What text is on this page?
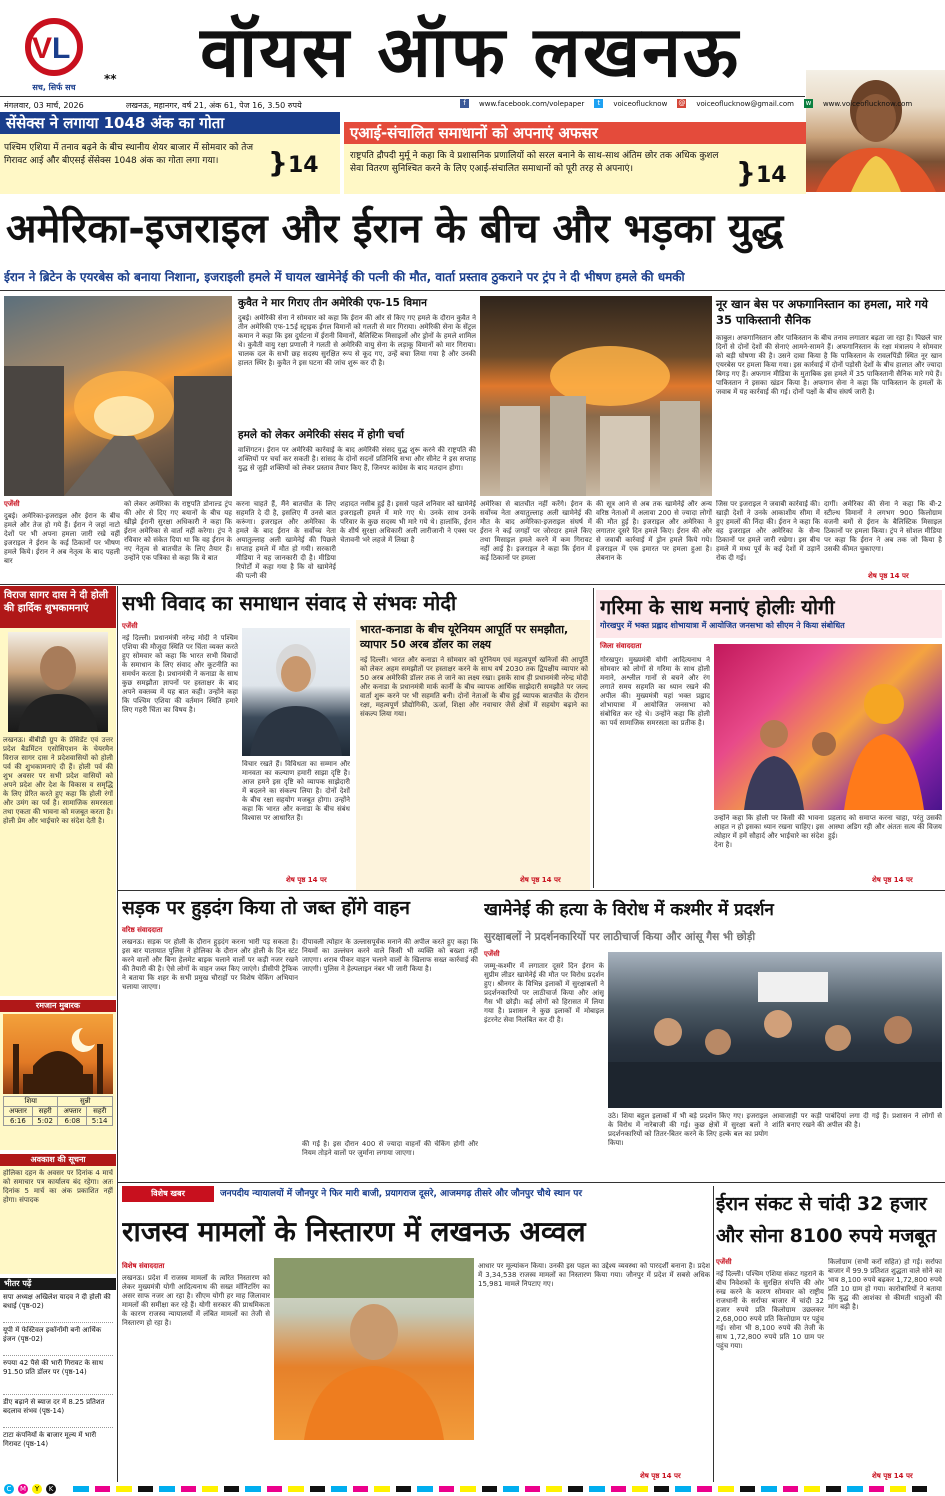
V L
सच, सिर्फ सच
**	वॉयस ऑफ लखनऊ
मंगलवार, 03 मार्च, 2026	लखनऊ, महानगर, वर्ष 21, अंक 61, पेज 16, 3.50 रुपये	f	www.facebook.com/volepaper	t	voiceoflucknow @ voiceoflucknow@gmail.com w www.voiceoflucknow.com
सेंसेक्स ने लगाया 1048 अंक का गोता
पश्चिम एशिया में तनाव बढ़ने के बीच स्थानीय शेयर बाजार में सोमवार को तेज गिरावट आई और बीएसई सेंसेक्स 1048 अंक का गोता लगा गया।	}14
एआई-संचालित समाधानों को अपनाएं अफसर
राष्ट्रपति द्रौपदी मुर्मू ने कहा कि वे प्रशासनिक प्रणालियों को सरल बनाने के साथ-साथ अंतिम छोर तक अधिक कुशल सेवा वितरण सुनिश्चित करने के लिए एआई-संचालित समाधानों को पूरी तरह से अपनाएं।	}14
अमेरिका-इजराइल और ईरान के बीच और भड़का युद्ध
ईरान ने ब्रिटेन के एयरबेस को बनाया निशाना, इजराइली हमले में घायल खामेनेई की पत्नी की मौत, वार्ता प्रस्ताव ठुकराने पर ट्रंप ने दी भीषण हमले की धमकी
कुवैत ने मार गिराए तीन अमेरिकी एफ-15 विमान
दुबई। अमेरिकी सेना ने सोमवार को कहा कि ईरान की ओर से किए गए हमले के दौरान कुवैत ने तीन अमेरिकी एफ-15ई स्ट्राइक ईगल विमानों को गलती से मार गिराया। अमेरिकी सेना के सेंट्रल कमान ने कहा कि इस दुर्घटना में ईरानी विमानों, बैलिस्टिक मिसाइलों और ड्रोनों के हमले शामिल थे। कुवैती वायु रक्षा प्रणाली ने गलती से अमेरिकी वायु सेना के लड़ाकू विमानों को मार गिराया। चालक दल के सभी छह सदस्य सुरक्षित रूप से कूद गए, उन्हें बचा लिया गया है और उनकी हालत स्थिर है। कुवैत ने इस घटना की जांच शुरू कर दी है।
हमले को लेकर अमेरिकी संसद में होगी चर्चा
वाशिंगटन। ईरान पर अमेरिकी कार्रवाई के बाद अमेरिकी संसद युद्ध शुरू करने की राष्ट्रपति की शक्तियों पर चर्चा कर सकती है। सांसद के दोनों सदनों प्रतिनिधि सभा और सीनेट ने इस सप्ताह युद्ध से जुड़ी शक्तियों को लेकर प्रस्ताव तैयार किए हैं, जिनपर कांग्रेस के बाद मतदान होगा।
नूर खान बेस पर अफगानिस्तान का हमला, मारे गये 35 पाकिस्तानी सैनिक
काबुल। अफगानिस्तान और पाकिस्तान के बीच तनाव लगातार बढ़ता जा रहा है। पिछले चार दिनों से दोनों देशों की सेनाएं आमने-सामने हैं। अफगानिस्तान के रक्षा मंत्रालय ने सोमवार को बड़ी घोषणा की है। उसने दावा किया है कि पाकिस्तान के रावलपिंडी स्थित नूर खान एयरबेस पर हमला किया गया। इस कार्रवाई में दोनों पड़ोसी देशों के बीच हालात और ज्यादा बिगड़ गए हैं। अफगान मीडिया के मुताबिक इस हमले में 35 पाकिस्तानी सैनिक मारे गये हैं। पाकिस्तान ने इसका खंडन किया है। अफगान सेना ने कहा कि पाकिस्तान के हमलों के जवाब में यह कार्रवाई की गई। दोनों पक्षों के बीच संघर्ष जारी है।
एजेंसी
दुबई। अमेरिका-इजराइल और ईरान के बीच हमले और तेज हो गये हैं। ईरान ने जहां नाटो देशों पर भी अपना हमला जारी रखे वहीं इजराइल ने ईरान के कई ठिकानों पर भीषण हमले किये। ईरान ने अब नेतृत्व के बाद पहली बार
को लेकर अमेरिका के राष्ट्रपति डोनाल्ड ट्रंप की ओर से दिए गए बयानों के बीच यह खीझे ईरानी सुरक्षा अधिकारी ने कहा कि ईरान अमेरिका से वार्ता नहीं करेगा। ट्रंप ने रविवार को संकेत दिया था कि वह ईरान के नए नेतृत्व से बातचीत के लिए तैयार हैं। उन्होंने एक पत्रिका से कहा कि वे बात
करना चाहते हैं, मैंने बातचीत के लिए सहमति दे दी है, इसलिए मैं उनसे बात करूंगा। इजराइल और अमेरिका के हमले के बाद ईरान के सर्वोच्च नेता अयातुल्लाह अली खामेनेई की पिछले सप्ताह हमले में मौत हो गयी। सरकारी मीडिया ने यह जानकारी दी है। मीडिया रिपोर्टों में कहा गया है कि वो खामेनेई की पत्नी की
शहादत नसीब हुई है। इससे पहले शनिवार को खामेनेई इजराइली हमले में मारे गए थे। उनके साथ उनके परिवार के कुछ सदस्य भी मारे गये थे। हालांकि, ईरान के शीर्ष सुरक्षा अधिकारी अली लारीजानी ने एक्स पर चेतावनी भरे लहजे में लिखा है
अमेरिका से बातचीत नहीं करेंगे। ईरान के सर्वोच्च नेता अयातुल्लाह अली खामेनेई की मौत के बाद अमेरिका-इजराइल संघर्ष में ईरान ने कई जगहों पर जोरदार हमले किए तथा मिसाइल हमले करने में कम गिरावट नहीं आई है। इजराइल ने कहा कि ईरान में कई ठिकानों पर हमला
की सूत्र आने से अब तक खामेनेई और अन्य वरिष्ठ नेताओं में अलावा 200 से ज्यादा लोगों की मौत हुई है। इजराइल और अमेरिका ने लगातार दूसरे दिन हमले किए। ईरान की ओर से जवाबी कार्रवाई में ड्रोन हमले किये गये। इजराइल में एक इमारत पर हमला हुआ है। लेबनान के
जिस पर इजराइल ने जवाबी कार्रवाई की। खाड़ी देशों ने उनके आकाशीय सीमा में हुए हमलों की निंदा की। ईरान ने कहा कि वह इजराइल और अमेरिका के सैन्य ठिकानों पर हमले जारी रखेगा। इस बीच हमले में मध्य पूर्व के कई देशों में उड़ानें रोक दी गई।
दागीं। अमेरिका की सेना ने कहा कि बी-2 स्टील्थ विमानों ने लगभग 900 किलोग्राम वजनी बमों से ईरान के बैलिस्टिक मिसाइल ठिकानों पर हमला किया। ट्रंप ने सोशल मीडिया पर कहा कि ईरान ने अब तक जो किया है उसकी कीमत चुकाएगा।
शेष पृष्ठ 14 पर
विराज सागर दास ने दी होली की हार्दिक शुभकामनाएं
लखनऊ। बीबीडी ग्रुप के प्रेसिडेंट एवं उत्तर प्रदेश बैडमिंटन एसोसिएशन के चेयरमैन विराज सागर दास ने प्रदेशवासियों को होली पर्व की शुभकामनाएं दी हैं। होली पर्व की शुभ अवसर पर सभी प्रदेश वासियों को अपने प्रदेश और देश के विकास व समृद्धि के लिए प्रेरित करते हुए कहा कि होली रंगों और उमंग का पर्व है। सामाजिक समरसता तथा एकता की भावना को मजबूत करता है। होली प्रेम और भाईचारे का संदेश देती है।
रमजान मुबारक
शिया		सुन्नी	
अफ्तार	सहरी	अफ्तार	सहरी
6:16	5:02	6:08	5:14
अवकाश की सूचना
होलिका दहन के अवसर पर दिनांक 4 मार्च को समाचार पत्र कार्यालय बंद रहेगा। अतः दिनांक 5 मार्च का अंक प्रकाशित नहीं होगा। संपादक
भीतर पढ़ें
सपा अध्यक्ष अखिलेश यादव ने दी होली की बधाई (पृष्ठ-02)
यूपी में फेस्टिवल इकॉनॉमी बनी आर्थिक इंजन (पृष्ठ-02)
रुपया 42 पैसे की भारी गिरावट के साथ 91.50 प्रति डॉलर पर (पृष्ठ-14)
डीए बढ़ाने से ब्याज दर में 8.25 प्रतिशत बदलाव संभव (पृष्ठ-14)
टाटा कंपनियों के बाजार मूल्य में भारी गिरावट (पृष्ठ-14)
सभी विवाद का समाधान संवाद से संभवः मोदी
एजेंसी
नई दिल्ली। प्रधानमंत्री नरेन्द्र मोदी ने पश्चिम एशिया की मौजूदा स्थिति पर चिंता व्यक्त करते हुए सोमवार को कहा कि भारत सभी विवादों के समाधान के लिए संवाद और कूटनीति का समर्थन करता है। प्रधानमंत्री ने कनाडा के साथ कुछ समझौता ज्ञापनों पर हस्ताक्षर के बाद अपने वक्तव्य में यह बात कही। उन्होंने कहा कि पश्चिम एशिया की वर्तमान स्थिति हमारे लिए गहरी चिंता का विषय है।
विचार रखते हैं। विविधता का सम्मान और मानवता का कल्याण हमारी साझा दृष्टि है। आज हमने इस दृष्टि को व्यापक साझेदारी में बदलने का संकल्प लिया है। दोनों देशों के बीच रक्षा सहयोग मजबूत होगा। उन्होंने कहा कि भारत और कनाडा के बीच संबंध विश्वास पर आधारित हैं।
शेष पृष्ठ 14 पर
भारत-कनाडा के बीच यूरेनियम आपूर्ति पर समझौता, व्यापार 50 अरब डॉलर का लक्ष्य
नई दिल्ली। भारत और कनाडा ने सोमवार को यूरेनियम एवं महत्वपूर्ण खनिजों की आपूर्ति को लेकर अहम समझौतों पर हस्ताक्षर करने के साथ वर्ष 2030 तक द्विपक्षीय व्यापार को 50 अरब अमेरिकी डॉलर तक ले जाने का लक्ष्य रखा। इसके साथ ही प्रधानमंत्री नरेन्द्र मोदी और कनाडा के प्रधानमंत्री मार्क कार्नी के बीच व्यापक आर्थिक साझेदारी समझौते पर जल्द वार्ता शुरू करने पर भी सहमति बनी। दोनों नेताओं के बीच हुई व्यापक बातचीत के दौरान रक्षा, महत्वपूर्ण प्रौद्योगिकी, ऊर्जा, शिक्षा और नवाचार जैसे क्षेत्रों में सहयोग बढ़ाने का संकल्प लिया गया।
शेष पृष्ठ 14 पर
गरिमा के साथ मनाएं होलीः योगी
गोरखपुर में भक्त प्रह्लाद शोभायात्रा में आयोजित जनसभा को सीएम ने किया संबोधित
जिला संवाददाता
गोरखपुर। मुख्यमंत्री योगी आदित्यनाथ ने सोमवार को लोगों से गरिमा के साथ होली मनाने, अश्लील गानों से बचने और रंग लगाते समय सहमति का ध्यान रखने की अपील की। मुख्यमंत्री यहां भक्त प्रह्लाद शोभायात्रा में आयोजित जनसभा को संबोधित कर रहे थे। उन्होंने कहा कि होली का पर्व सामाजिक समरसता का प्रतीक है।
उन्होंने कहा कि होली पर किसी की भावना आहत न हो इसका ध्यान रखना चाहिए। इस त्योहार में हमें सौहार्द और भाईचारे का संदेश देना है।
प्रहलाद को समाप्त करना चाहा, परंतु उसकी आस्था अडिग रही और अंततः सत्य की विजय हुई।
शेष पृष्ठ 14 पर
सड़क पर हुड़दंग किया तो जब्त होंगे वाहन
वरिष्ठ संवाददाता
लखनऊ। सड़क पर होली के दौरान हुड़दंग करना भारी पड़ सकता है। इस बार यातायात पुलिस ने होलिका के दौरान और होली के दिन स्टंट करने वालों और बिना हेलमेट बाइक चलाने वालों पर कड़ी नजर रखने की तैयारी की है। ऐसे लोगों के वाहन जब्त किए जाएंगे। डीसीपी ट्रैफिक ने बताया कि शहर के सभी प्रमुख चौराहों पर विशेष चेकिंग अभियान चलाया जाएगा।
दीपावली त्योहार के उल्लासपूर्वक मनाने की अपील करते हुए कहा कि नियमों का उल्लंघन करने वाले किसी भी व्यक्ति को बख्शा नहीं जाएगा। शराब पीकर वाहन चलाने वालों के खिलाफ सख्त कार्रवाई की जाएगी। पुलिस ने हेल्पलाइन नंबर भी जारी किया है।
की गई है। इस दौरान 400 से ज्यादा वाहनों की चेकिंग होगी और नियम तोड़ने वालों पर जुर्माना लगाया जाएगा।
खामेनेई की हत्या के विरोध में कश्मीर में प्रदर्शन
सुरक्षाबलों ने प्रदर्शनकारियों पर लाठीचार्ज किया और आंसू गैस भी छोड़ी
एजेंसी
जम्मू-कश्मीर में लगातार दूसरे दिन ईरान के सुप्रीम लीडर खामेनेई की मौत पर विरोध प्रदर्शन हुए। श्रीनगर के विभिन्न इलाकों में सुरक्षाबलों ने प्रदर्शनकारियों पर लाठीचार्ज किया और आंसू गैस भी छोड़ी। कई लोगों को हिरासत में लिया गया है। प्रशासन ने कुछ इलाकों में मोबाइल इंटरनेट सेवा निलंबित कर दी है।
उठे। शिया बहुल इलाकों में भी बड़े प्रदर्शन किए गए। इजराइल के विरोध में नारेबाजी की गई। कुछ क्षेत्रों में सुरक्षा बलों ने प्रदर्शनकारियों को तितर-बितर करने के लिए हल्के बल का प्रयोग किया।
आवाजाही पर कड़ी पाबंदियां लगा दी गई हैं। प्रशासन ने लोगों से शांति बनाए रखने की अपील की है।
विशेष खबर	जनपदीय न्यायालयों में जौनपुर ने फिर मारी बाजी, प्रयागराज दूसरे, आजमगढ़ तीसरे और जौनपुर चौथे स्थान पर
राजस्व मामलों के निस्तारण में लखनऊ अव्वल
विशेष संवाददाता
लखनऊ। प्रदेश में राजस्व मामलों के त्वरित निस्तारण को लेकर मुख्यमंत्री योगी आदित्यनाथ की सख्त मॉनिटरिंग का असर साफ नजर आ रहा है। सीएम योगी हर माह जिलावार मामलों की समीक्षा कर रहे हैं। योगी सरकार की प्राथमिकता के कारण राजस्व न्यायालयों में लंबित मामलों का तेजी से निस्तारण हो रहा है।
आधार पर मूल्यांकन किया। उनकी इस पहल का उद्देश्य व्यवस्था को पारदर्शी बनाना है। प्रदेश में 3,34,538 राजस्व मामलों का निस्तारण किया गया। जौनपुर में प्रदेश में सबसे अधिक 15,981 मामले निपटाए गए।
शेष पृष्ठ 14 पर
ईरान संकट से चांदी 32 हजार और सोना 8100 रुपये मजबूत
एजेंसी
नई दिल्ली। पश्चिम एशिया संकट गहराने के बीच निवेशकों के सुरक्षित संपत्ति की ओर रुख करने के कारण सोमवार को राष्ट्रीय राजधानी के सर्राफा बाजार में चांदी 32 हजार रुपये प्रति किलोग्राम उछलकर 2,68,000 रुपये प्रति किलोग्राम पर पहुंच गई। सोना भी 8,100 रुपये की तेजी के साथ 1,72,800 रुपये प्रति 10 ग्राम पर पहुंच गया।
किलोग्राम (सभी करों सहित) हो गई। सर्राफा बाजार में 99.9 प्रतिशत शुद्धता वाले सोने का भाव 8,100 रुपये बढ़कर 1,72,800 रुपये प्रति 10 ग्राम हो गया। कारोबारियों ने बताया कि युद्ध की आशंका से कीमती धातुओं की मांग बढ़ी है।
शेष पृष्ठ 14 पर
C	M	Y	K
